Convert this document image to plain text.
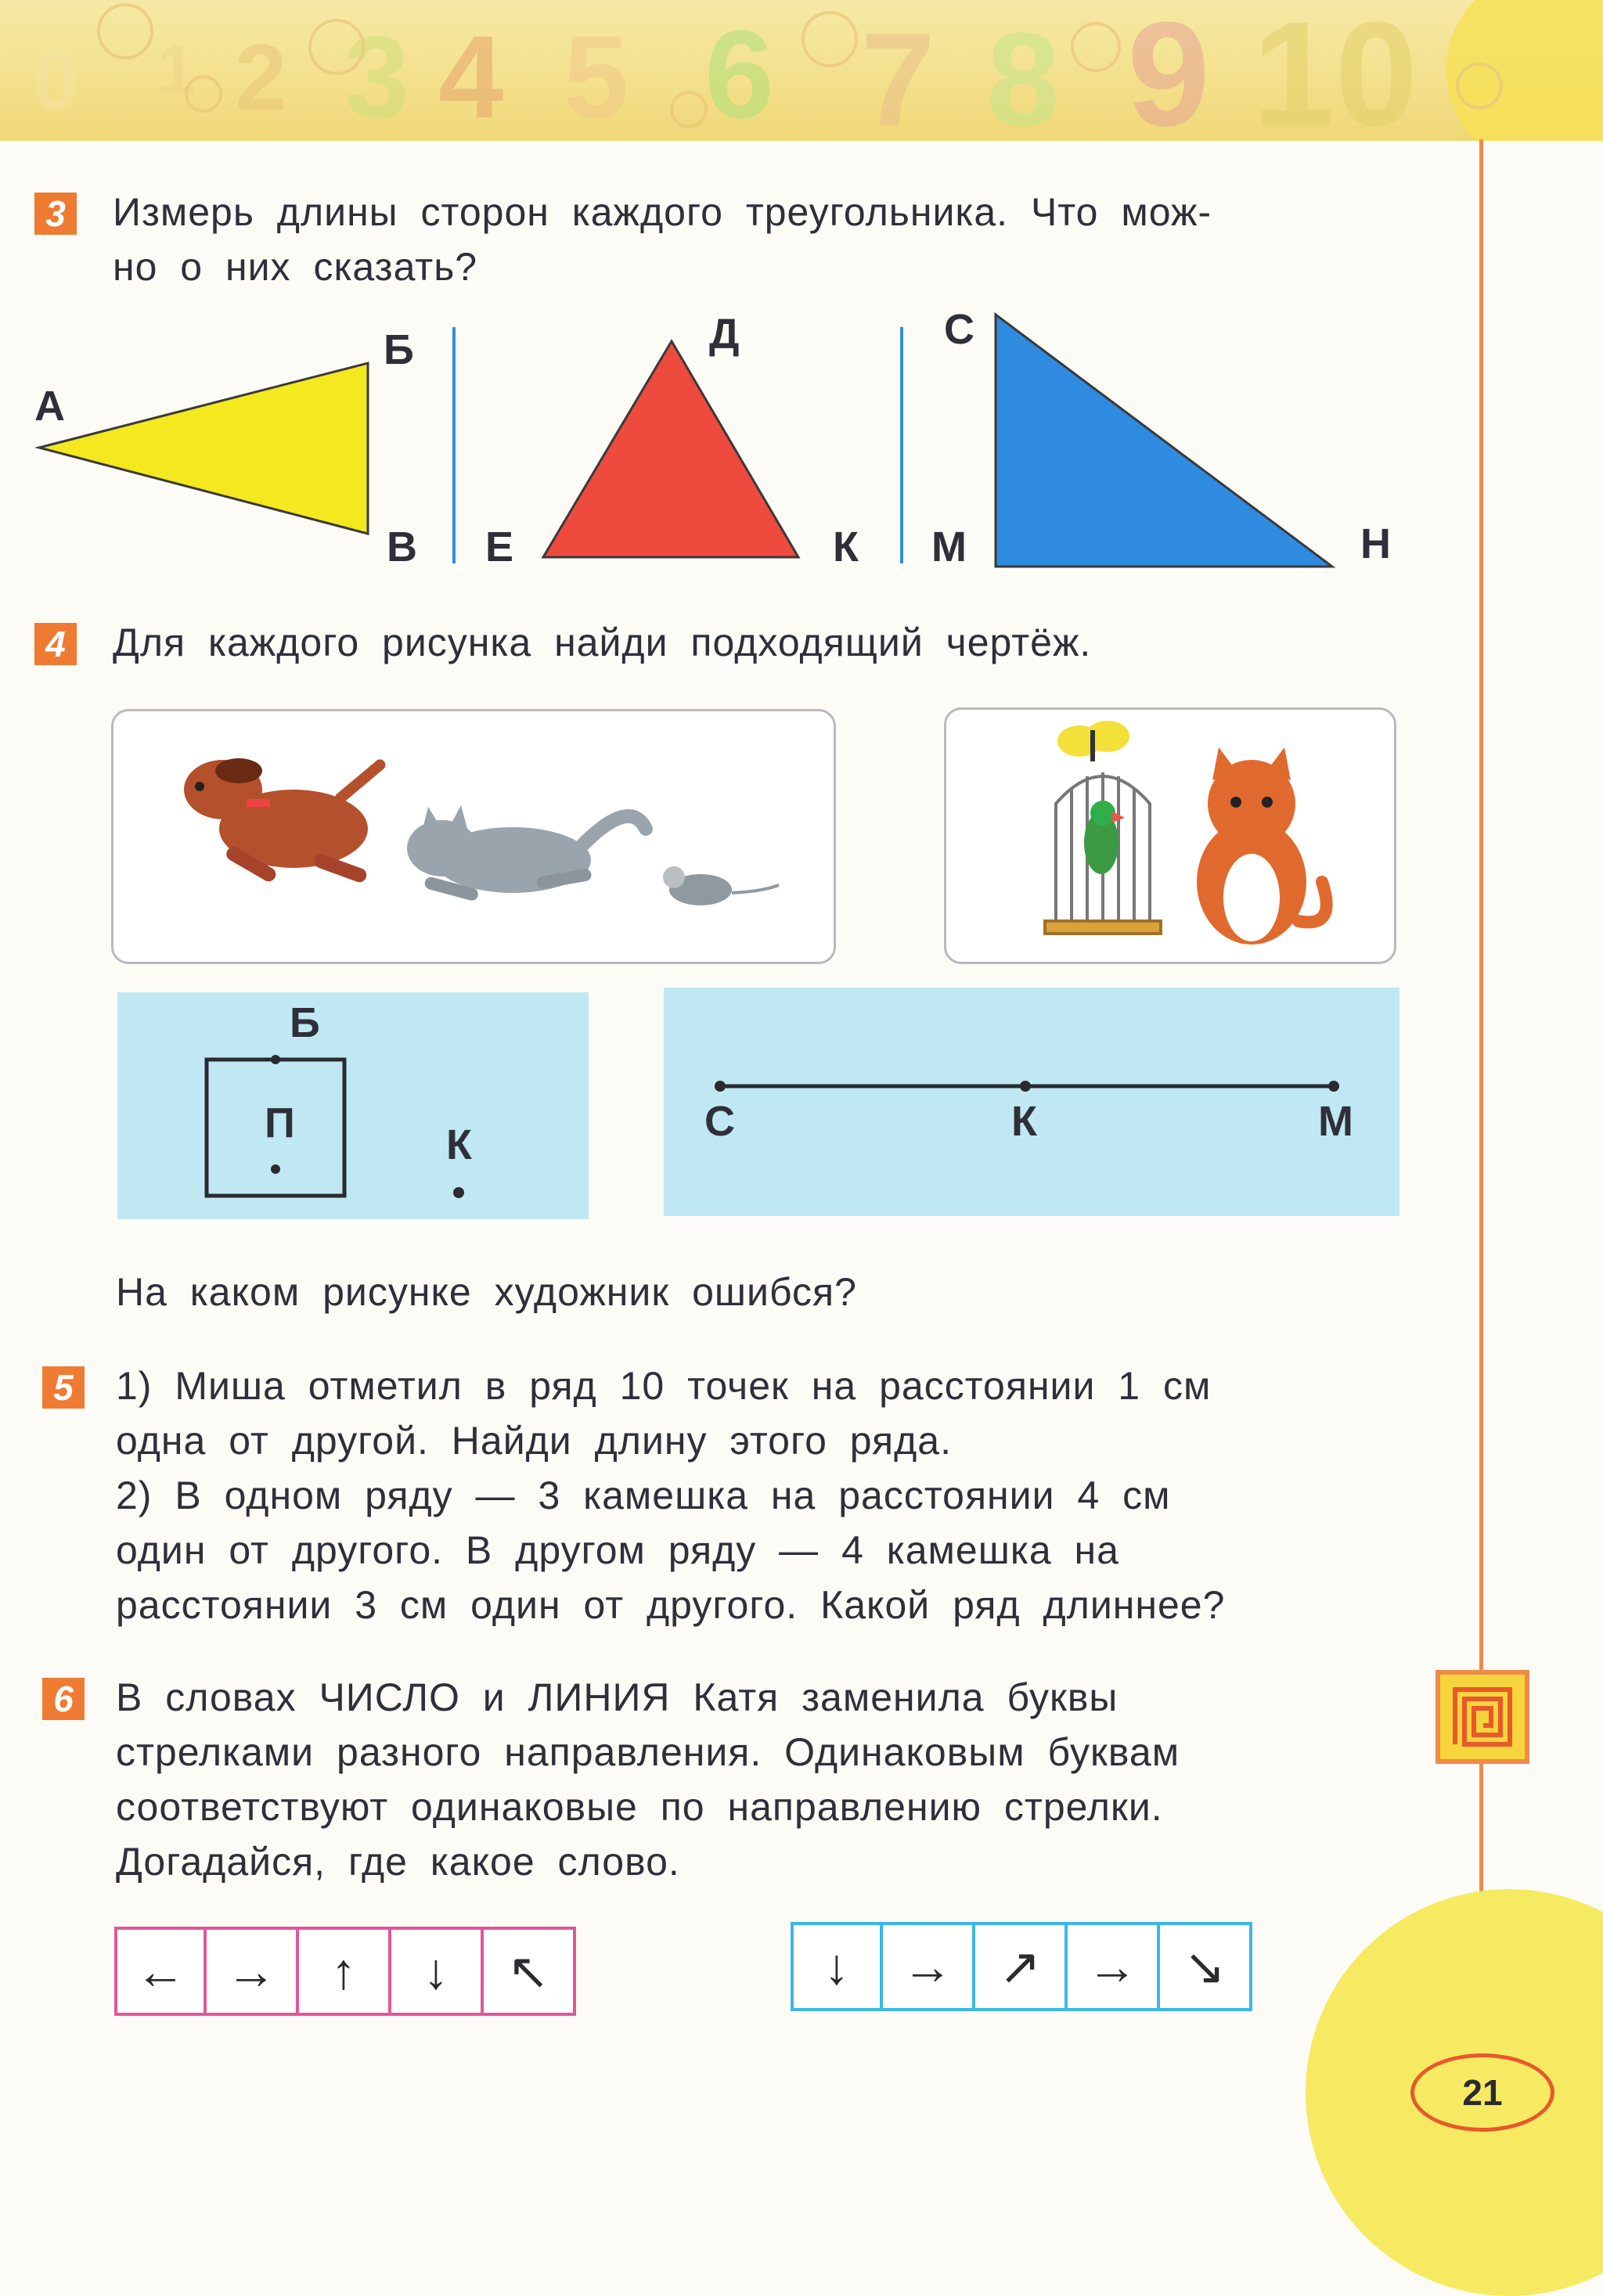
0 1 2 3 4 5 6 7 8 9 10
3 Измерь длины сторон каждого треугольника. Что мож-
но о них сказать?
А
Б
В
Д
Е	К
С
М	Н
4 Для каждого рисунка найди подходящий чертёж.
Б
П	К	С	К	М
На каком рисунке художник ошибся?
5 1) Миша отметил в ряд 10 точек на расстоянии 1 см
одна от другой. Найди длину этого ряда.
2) В одном ряду — 3 камешка на расстоянии 4 см
один от другого. В другом ряду — 4 камешка на
расстоянии 3 см один от другого. Какой ряд длиннее?
6 В словах ЧИСЛО и ЛИНИЯ Катя заменила буквы
стрелками разного направления. Одинаковым буквам
соответствуют одинаковые по направлению стрелки.
Догадайся, где какое слово.
← →	↑	↓	↖	↓	→ ↗ → ↘
21
